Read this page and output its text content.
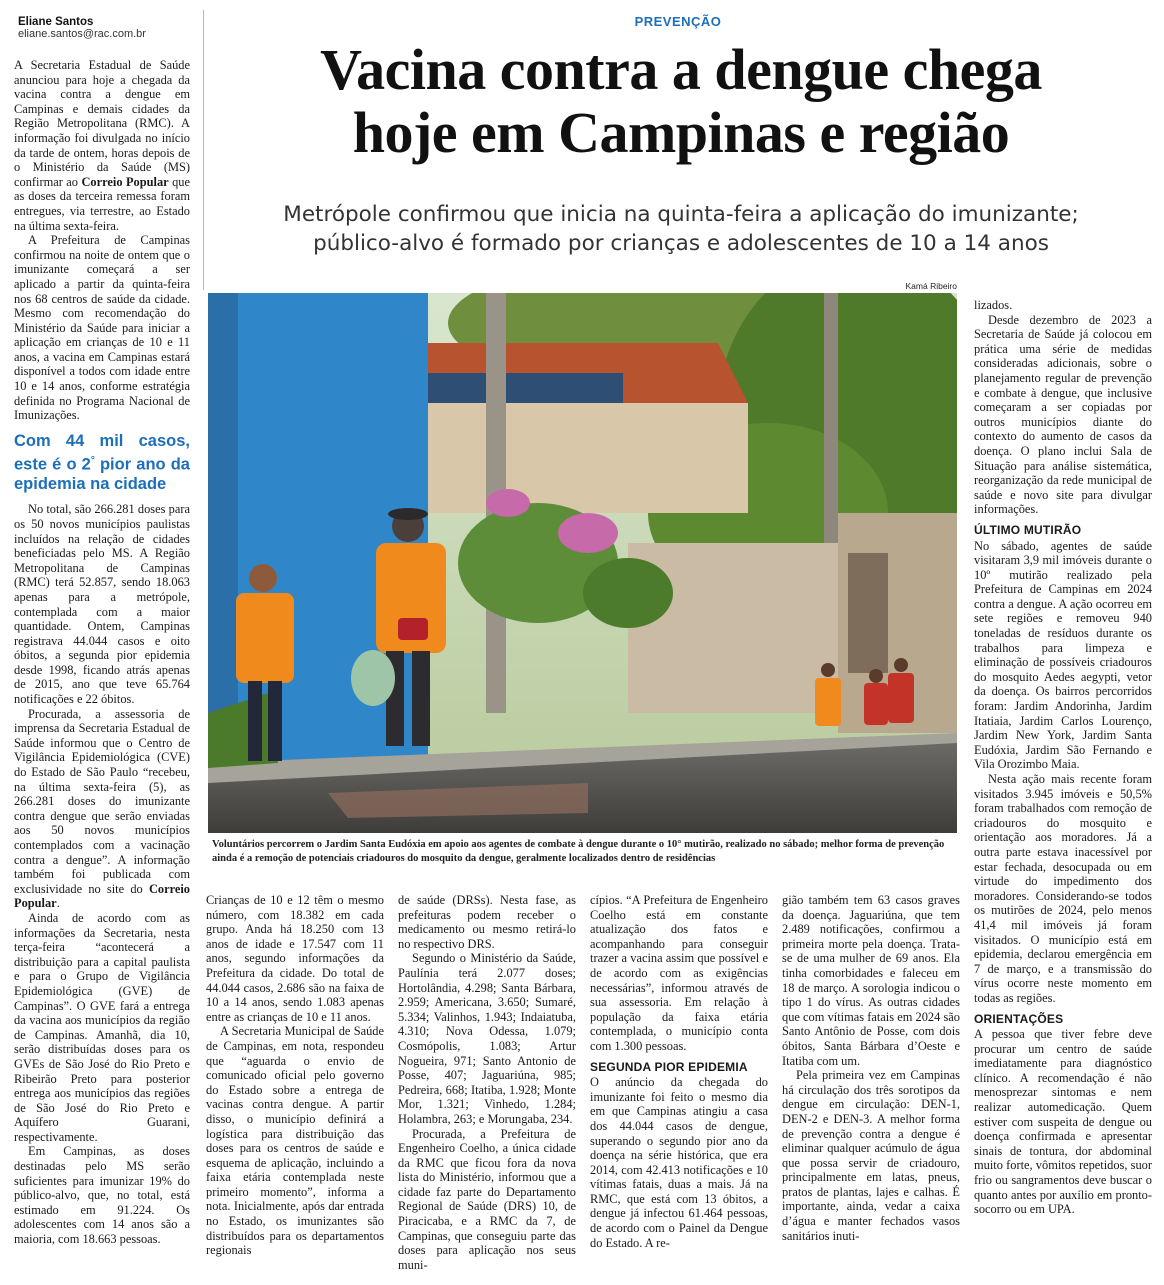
Eliane Santos
eliane.santos@rac.com.br
PREVENÇÃO
Vacina contra a dengue chega
hoje em Campinas e região
Metrópole confirmou que inicia na quinta-feira a aplicação do imunizante;
público-alvo é formado por crianças e adolescentes de 10 a 14 anos
Kamá Ribeiro
Voluntários percorrem o Jardim Santa Eudóxia em apoio aos agentes de combate à dengue durante o 10° mutirão, realizado no sábado; melhor forma de prevenção ainda é a remoção de potenciais criadouros do mosquito da dengue, geralmente localizados dentro de residências

A Secretaria Estadual de Saúde anunciou para hoje a chegada da vacina contra a dengue em Campinas e demais cidades da Região Metropolitana (RMC). A informação foi divulgada no início da tarde de ontem, horas depois de o Ministério da Saúde (MS) confirmar ao Correio Popular que as doses da terceira remessa foram entregues, via terrestre, ao Estado na última sexta-feira.

A Prefeitura de Campinas confirmou na noite de ontem que o imunizante começará a ser aplicado a partir da quinta-feira nos 68 centros de saúde da cidade. Mesmo com recomendação do Ministério da Saúde para iniciar a aplicação em crianças de 10 e 11 anos, a vacina em Campinas estará disponível a todos com idade entre 10 e 14 anos, conforme estratégia definida no Programa Nacional de Imunizações.

Com 44 mil casos, este é o 2° pior ano da epidemia na cidade

No total, são 266.281 doses para os 50 novos municípios paulistas incluídos na relação de cidades beneficiadas pelo MS. A Região Metropolitana de Campinas (RMC) terá 52.857, sendo 18.063 apenas para a metrópole, contemplada com a maior quantidade. Ontem, Campinas registrava 44.044 casos e oito óbitos, a segunda pior epidemia desde 1998, ficando atrás apenas de 2015, ano que teve 65.764 notificações e 22 óbitos.

Procurada, a assessoria de imprensa da Secretaria Estadual de Saúde informou que o Centro de Vigilância Epidemiológica (CVE) do Estado de São Paulo “recebeu, na última sexta-feira (5), as 266.281 doses do imunizante contra dengue que serão enviadas aos 50 novos municípios contemplados com a vacinação contra a dengue”. A informação também foi publicada com exclusividade no site do Correio Popular.

Ainda de acordo com as informações da Secretaria, nesta terça-feira “acontecerá a distribuição para a capital paulista e para o Grupo de Vigilância Epidemiológica (GVE) de Campinas”. O GVE fará a entrega da vacina aos municípios da região de Campinas. Amanhã, dia 10, serão distribuídas doses para os GVEs de São José do Rio Preto e Ribeirão Preto para posterior entrega aos municípios das regiões de São José do Rio Preto e Aquífero Guarani, respectivamente.

Em Campinas, as doses destinadas pelo MS serão suficientes para imunizar 19% do público-alvo, que, no total, está estimado em 91.224. Os adolescentes com 14 anos são a maioria, com 18.663 pessoas.

Crianças de 10 e 12 têm o mesmo número, com 18.382 em cada grupo. Anda há 18.250 com 13 anos de idade e 17.547 com 11 anos, segundo informações da Prefeitura da cidade. Do total de 44.044 casos, 2.686 são na faixa de 10 a 14 anos, sendo 1.083 apenas entre as crianças de 10 e 11 anos.

A Secretaria Municipal de Saúde de Campinas, em nota, respondeu que “aguarda o envio de comunicado oficial pelo governo do Estado sobre a entrega de vacinas contra dengue. A partir disso, o município definirá a logística para distribuição das doses para os centros de saúde e esquema de aplicação, incluindo a faixa etária contemplada neste primeiro momento”, informa a nota. Inicialmente, após dar entrada no Estado, os imunizantes são distribuídos para os departamentos regionais

de saúde (DRSs). Nesta fase, as prefeituras podem receber o medicamento ou mesmo retirá-lo no respectivo DRS.

Segundo o Ministério da Saúde, Paulínia terá 2.077 doses; Hortolândia, 4.298; Santa Bárbara, 2.959; Americana, 3.650; Sumaré, 5.334; Valinhos, 1.943; Indaiatuba, 4.310; Nova Odessa, 1.079; Cosmópolis, 1.083; Artur Nogueira, 971; Santo Antonio de Posse, 407; Jaguariúna, 985; Pedreira, 668; Itatiba, 1.928; Monte Mor, 1.321; Vinhedo, 1.284; Holambra, 263; e Morungaba, 234.

Procurada, a Prefeitura de Engenheiro Coelho, a única cidade da RMC que ficou fora da nova lista do Ministério, informou que a cidade faz parte do Departamento Regional de Saúde (DRS) 10, de Piracicaba, e a RMC da 7, de Campinas, que conseguiu parte das doses para aplicação nos seus muni-

cípios. “A Prefeitura de Engenheiro Coelho está em constante atualização dos fatos e acompanhando para conseguir trazer a vacina assim que possível e de acordo com as exigências necessárias”, informou através de sua assessoria. Em relação à população da faixa etária contemplada, o município conta com 1.300 pessoas.

SEGUNDA PIOR EPIDEMIA

O anúncio da chegada do imunizante foi feito o mesmo dia em que Campinas atingiu a casa dos 44.044 casos de dengue, superando o segundo pior ano da doença na série histórica, que era 2014, com 42.413 notificações e 10 vítimas fatais, duas a mais. Já na RMC, que está com 13 óbitos, a dengue já infectou 61.464 pessoas, de acordo com o Painel da Dengue do Estado. A re-

gião também tem 63 casos graves da doença. Jaguariúna, que tem 2.489 notificações, confirmou a primeira morte pela doença. Trata-se de uma mulher de 69 anos. Ela tinha comorbidades e faleceu em 18 de março. A sorologia indicou o tipo 1 do vírus. As outras cidades que com vítimas fatais em 2024 são Santo Antônio de Posse, com dois óbitos, Santa Bárbara d’Oeste e Itatiba com um.

Pela primeira vez em Campinas há circulação dos três sorotipos da dengue em circulação: DEN-1, DEN-2 e DEN-3. A melhor forma de prevenção contra a dengue é eliminar qualquer acúmulo de água que possa servir de criadouro, principalmente em latas, pneus, pratos de plantas, lajes e calhas. É importante, ainda, vedar a caixa d’água e manter fechados vasos sanitários inuti-

lizados.

Desde dezembro de 2023 a Secretaria de Saúde já colocou em prática uma série de medidas consideradas adicionais, sobre o planejamento regular de prevenção e combate à dengue, que inclusive começaram a ser copiadas por outros municípios diante do contexto do aumento de casos da doença. O plano inclui Sala de Situação para análise sistemática, reorganização da rede municipal de saúde e novo site para divulgar informações.

ÚLTIMO MUTIRÃO

No sábado, agentes de saúde visitaram 3,9 mil imóveis durante o 10º mutirão realizado pela Prefeitura de Campinas em 2024 contra a dengue. A ação ocorreu em sete regiões e removeu 940 toneladas de resíduos durante os trabalhos para limpeza e eliminação de possíveis criadouros do mosquito Aedes aegypti, vetor da doença. Os bairros percorridos foram: Jardim Andorinha, Jardim Itatiaia, Jardim Carlos Lourenço, Jardim New York, Jardim Santa Eudóxia, Jardim São Fernando e Vila Orozimbo Maia.

Nesta ação mais recente foram visitados 3.945 imóveis e 50,5% foram trabalhados com remoção de criadouros do mosquito e orientação aos moradores. Já a outra parte estava inacessível por estar fechada, desocupada ou em virtude do impedimento dos moradores. Considerando-se todos os mutirões de 2024, pelo menos 41,4 mil imóveis já foram visitados. O município está em epidemia, declarou emergência em 7 de março, e a transmissão do vírus ocorre neste momento em todas as regiões.

ORIENTAÇÕES

A pessoa que tiver febre deve procurar um centro de saúde imediatamente para diagnóstico clínico. A recomendação é não menosprezar sintomas e nem realizar automedicação. Quem estiver com suspeita de dengue ou doença confirmada e apresentar sinais de tontura, dor abdominal muito forte, vômitos repetidos, suor frio ou sangramentos deve buscar o quanto antes por auxílio em pronto-socorro ou em UPA.
